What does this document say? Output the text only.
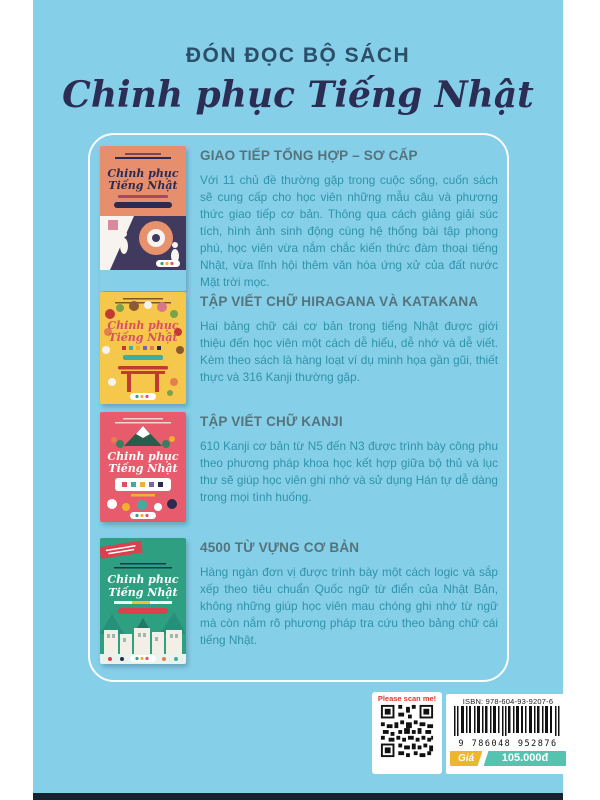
ĐÓN ĐỌC BỘ SÁCH
Chinh phục Tiếng Nhật
Chinh phục
Tiếng Nhật

GIAO TIẾP TỔNG HỢP – SƠ CẤP

Với 11 chủ đề thường gặp trong cuộc sống, cuốn sách sẽ cung cấp cho học viên những mẫu câu và phương thức giao tiếp cơ bản. Thông qua cách giảng giải súc tích, hình ảnh sinh động cùng hệ thống bài tập phong phú, học viên vừa nắm chắc kiến thức đàm thoại tiếng Nhật, vừa lĩnh hội thêm văn hóa ứng xử của đất nước Mặt trời mọc.

Chinh phục
Tiếng Nhật

TẬP VIẾT CHỮ HIRAGANA VÀ KATAKANA

Hai bảng chữ cái cơ bản trong tiếng Nhật được giới thiệu đến học viên một cách dễ hiểu, dễ nhớ và dễ viết. Kèm theo sách là hàng loạt ví dụ minh họa gần gũi, thiết thực và 316 Kanji thường gặp.

Chinh phục
Tiếng Nhật

TẬP VIẾT CHỮ KANJI

610 Kanji cơ bản từ N5 đến N3 được trình bày công phu theo phương pháp khoa học kết hợp giữa bộ thủ và lục thư sẽ giúp học viên ghi nhớ và sử dụng Hán tự dễ dàng trong mọi tình huống.

Chinh phục
Tiếng Nhật

4500 TỪ VỰNG CƠ BẢN

Hàng ngàn đơn vị được trình bày một cách logic và sắp xếp theo tiêu chuẩn Quốc ngữ từ điển của Nhật Bản, không những giúp học viên mau chóng ghi nhớ từ ngữ mà còn nắm rõ phương pháp tra cứu theo bảng chữ cái tiếng Nhật.

Please scan me!	ISBN: 978-604-93-9207-6
9 786048 952876
Giá	105.000đ
